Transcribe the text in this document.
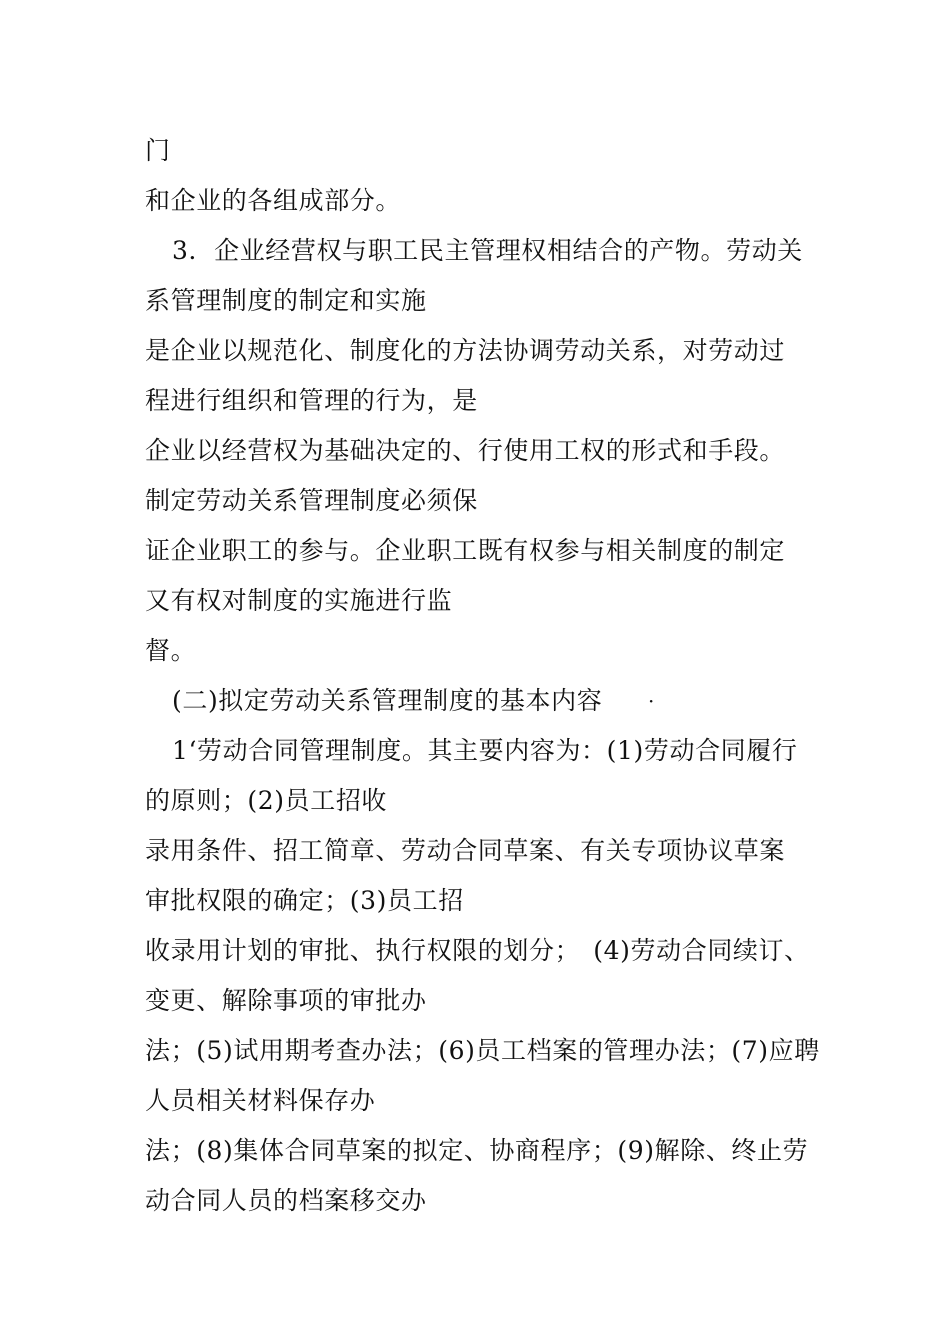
门
和企业的各组成部分。
3．企业经营权与职工民主管理权相结合的产物。劳动关
系管理制度的制定和实施
是企业以规范化、制度化的方法协调劳动关系，对劳动过
程进行组织和管理的行为，是
企业以经营权为基础决定的、行使用工权的形式和手段。
制定劳动关系管理制度必须保
证企业职工的参与。企业职工既有权参与相关制度的制定
又有权对制度的实施进行监
督。
(二)拟定劳动关系管理制度的基本内容 ·
1‘劳动合同管理制度。其主要内容为：(1)劳动合同履行
的原则；(2)员工招收
录用条件、招工简章、劳动合同草案、有关专项协议草案
审批权限的确定；(3)员工招
收录用计划的审批、执行权限的划分；　(4)劳动合同续订、
变更、解除事项的审批办
法；(5)试用期考查办法；(6)员工档案的管理办法；(7)应聘
人员相关材料保存办
法；(8)集体合同草案的拟定、协商程序；(9)解除、终止劳
动合同人员的档案移交办
